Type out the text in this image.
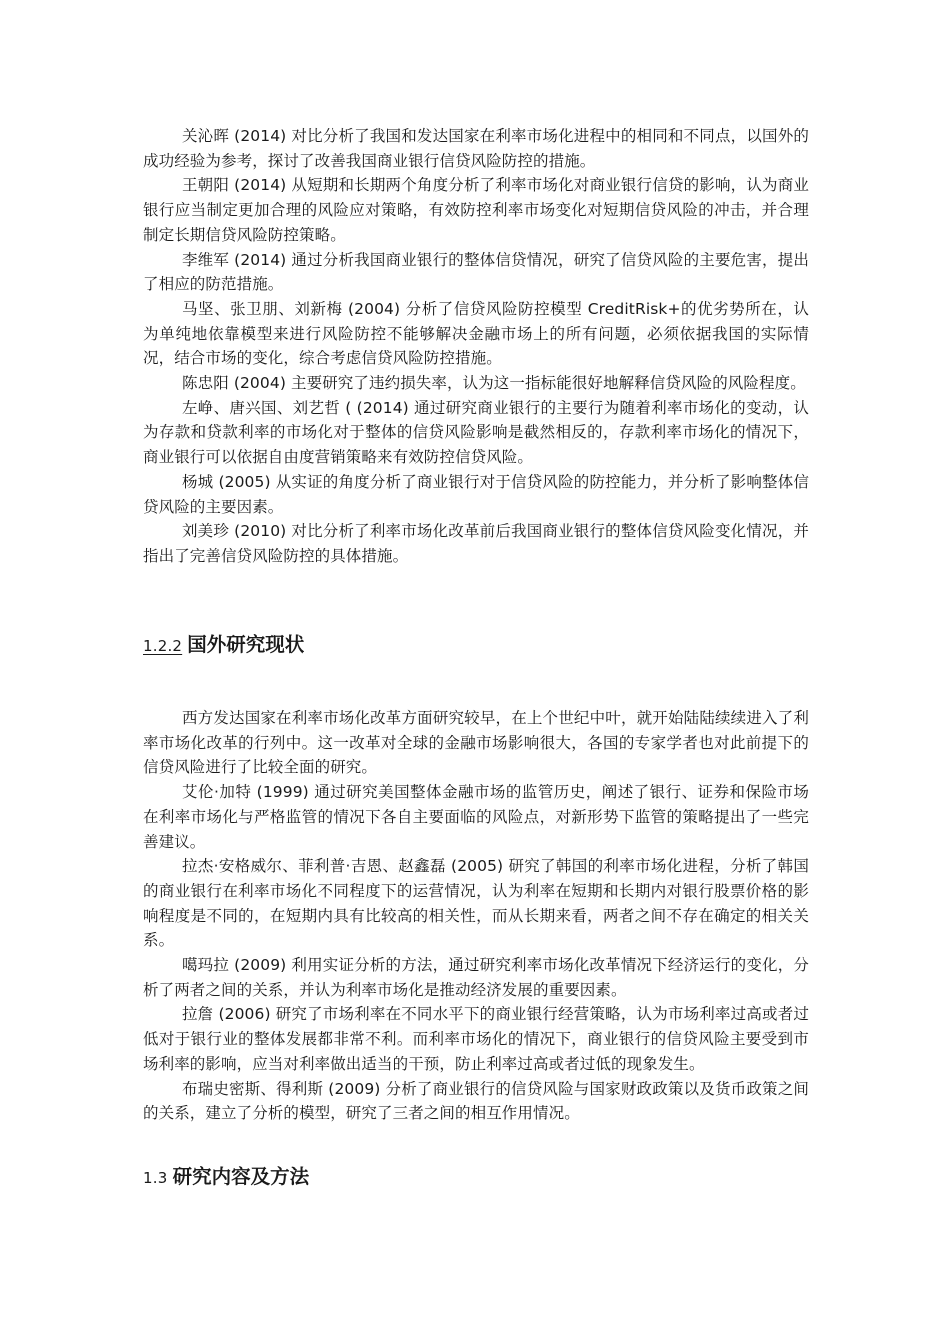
关沁晖 (2014) 对比分析了我国和发达国家在利率市场化进程中的相同和不同点，以国外的成功经验为参考，探讨了改善我国商业银行信贷风险防控的措施。

王朝阳 (2014) 从短期和长期两个角度分析了利率市场化对商业银行信贷的影响，认为商业银行应当制定更加合理的风险应对策略，有效防控利率市场变化对短期信贷风险的冲击，并合理制定长期信贷风险防控策略。

李维军 (2014) 通过分析我国商业银行的整体信贷情况，研究了信贷风险的主要危害，提出了相应的防范措施。

马坚、张卫朋、刘新梅 (2004) 分析了信贷风险防控模型 CreditRisk+的优劣势所在，认为单纯地依靠模型来进行风险防控不能够解决金融市场上的所有问题，必须依据我国的实际情况，结合市场的变化，综合考虑信贷风险防控措施。

陈忠阳 (2004) 主要研究了违约损失率，认为这一指标能很好地解释信贷风险的风险程度。

左峥、唐兴国、刘艺哲 ( (2014) 通过研究商业银行的主要行为随着利率市场化的变动，认为存款和贷款利率的市场化对于整体的信贷风险影响是截然相反的，存款利率市场化的情况下，商业银行可以依据自由度营销策略来有效防控信贷风险。

杨城 (2005) 从实证的角度分析了商业银行对于信贷风险的防控能力，并分析了影响整体信贷风险的主要因素。

刘美珍 (2010) 对比分析了利率市场化改革前后我国商业银行的整体信贷风险变化情况，并指出了完善信贷风险防控的具体措施。

1.2.2 国外研究现状

西方发达国家在利率市场化改革方面研究较早，在上个世纪中叶，就开始陆陆续续进入了利率市场化改革的行列中。这一改革对全球的金融市场影响很大，各国的专家学者也对此前提下的信贷风险进行了比较全面的研究。

艾伦·加特 (1999) 通过研究美国整体金融市场的监管历史，阐述了银行、证券和保险市场在利率市场化与严格监管的情况下各自主要面临的风险点，对新形势下监管的策略提出了一些完善建议。

拉杰·安格威尔、菲利普·吉恩、赵鑫磊 (2005) 研究了韩国的利率市场化进程，分析了韩国的商业银行在利率市场化不同程度下的运营情况，认为利率在短期和长期内对银行股票价格的影响程度是不同的，在短期内具有比较高的相关性，而从长期来看，两者之间不存在确定的相关关系。

噶玛拉 (2009) 利用实证分析的方法，通过研究利率市场化改革情况下经济运行的变化，分析了两者之间的关系，并认为利率市场化是推动经济发展的重要因素。

拉詹 (2006) 研究了市场利率在不同水平下的商业银行经营策略，认为市场利率过高或者过低对于银行业的整体发展都非常不利。而利率市场化的情况下，商业银行的信贷风险主要受到市场利率的影响，应当对利率做出适当的干预，防止利率过高或者过低的现象发生。

布瑞史密斯、得利斯 (2009) 分析了商业银行的信贷风险与国家财政政策以及货币政策之间的关系，建立了分析的模型，研究了三者之间的相互作用情况。

1.3 研究内容及方法
